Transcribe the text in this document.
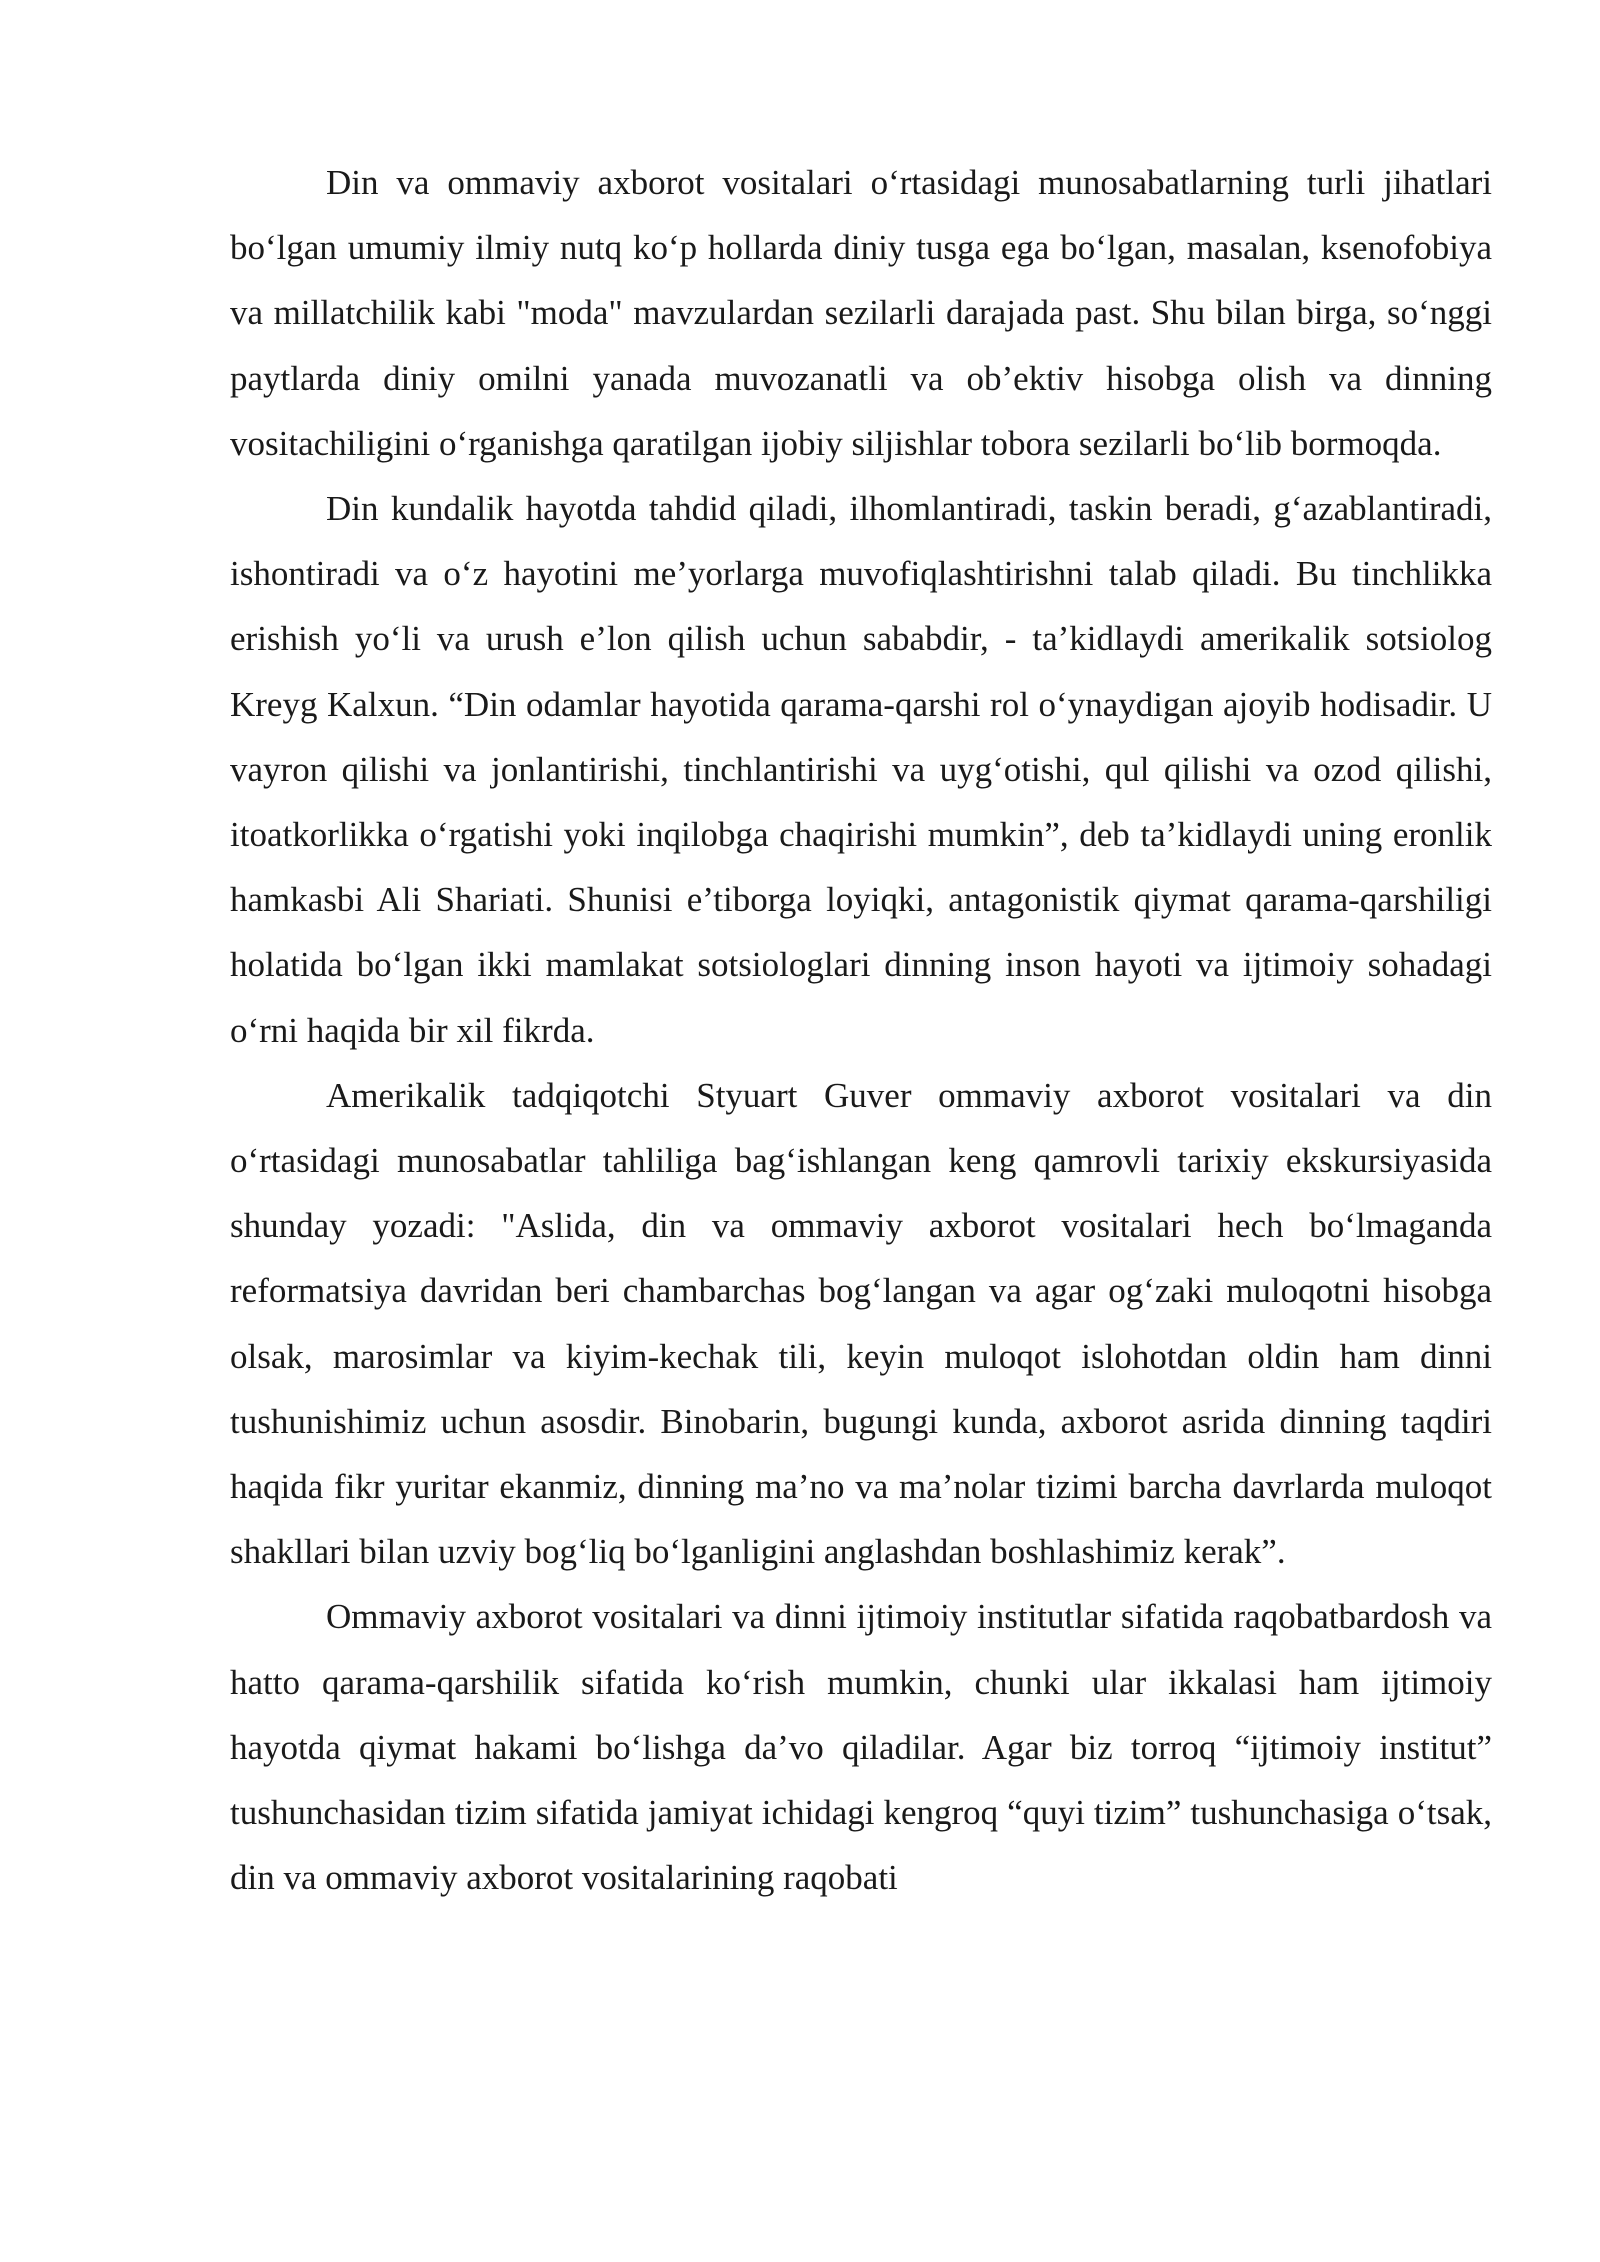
Din va ommaviy axborot vositalari o‘rtasidagi munosabatlarning turli jihatlari bo‘lgan umumiy ilmiy nutq ko‘p hollarda diniy tusga ega bo‘lgan, masalan, ksenofobiya va millatchilik kabi "moda" mavzulardan sezilarli darajada past. Shu bilan birga, so‘nggi paytlarda diniy omilni yanada muvozanatli va ob’ektiv hisobga olish va dinning vositachiligini o‘rganishga qaratilgan ijobiy siljishlar tobora sezilarli bo‘lib bormoqda.

Din kundalik hayotda tahdid qiladi, ilhomlantiradi, taskin beradi, g‘azablantiradi, ishontiradi va o‘z hayotini me’yorlarga muvofiqlashtirishni talab qiladi. Bu tinchlikka erishish yo‘li va urush e’lon qilish uchun sababdir, - ta’kidlaydi amerikalik sotsiolog Kreyg Kalxun. “Din odamlar hayotida qarama-qarshi rol o‘ynaydigan ajoyib hodisadir. U vayron qilishi va jonlantirishi, tinchlantirishi va uyg‘otishi, qul qilishi va ozod qilishi, itoatkorlikka o‘rgatishi yoki inqilobga chaqirishi mumkin”, deb ta’kidlaydi uning eronlik hamkasbi Ali Shariati. Shunisi e’tiborga loyiqki, antagonistik qiymat qarama-qarshiligi holatida bo‘lgan ikki mamlakat sotsiologlari dinning inson hayoti va ijtimoiy sohadagi o‘rni haqida bir xil fikrda.

Amerikalik tadqiqotchi Styuart Guver ommaviy axborot vositalari va din o‘rtasidagi munosabatlar tahliliga bag‘ishlangan keng qamrovli tarixiy ekskursiyasida shunday yozadi: "Aslida, din va ommaviy axborot vositalari hech bo‘lmaganda reformatsiya davridan beri chambarchas bog‘langan va agar og‘zaki muloqotni hisobga olsak, marosimlar va kiyim-kechak tili, keyin muloqot islohotdan oldin ham dinni tushunishimiz uchun asosdir. Binobarin, bugungi kunda, axborot asrida dinning taqdiri haqida fikr yuritar ekanmiz, dinning ma’no va ma’nolar tizimi barcha davrlarda muloqot shakllari bilan uzviy bog‘liq bo‘lganligini anglashdan boshlashimiz kerak”.

Ommaviy axborot vositalari va dinni ijtimoiy institutlar sifatida raqobatbardosh va hatto qarama-qarshilik sifatida ko‘rish mumkin, chunki ular ikkalasi ham ijtimoiy hayotda qiymat hakami bo‘lishga da’vo qiladilar. Agar biz torroq “ijtimoiy institut” tushunchasidan tizim sifatida jamiyat ichidagi kengroq “quyi tizim” tushunchasiga o‘tsak, din va ommaviy axborot vositalarining raqobati
